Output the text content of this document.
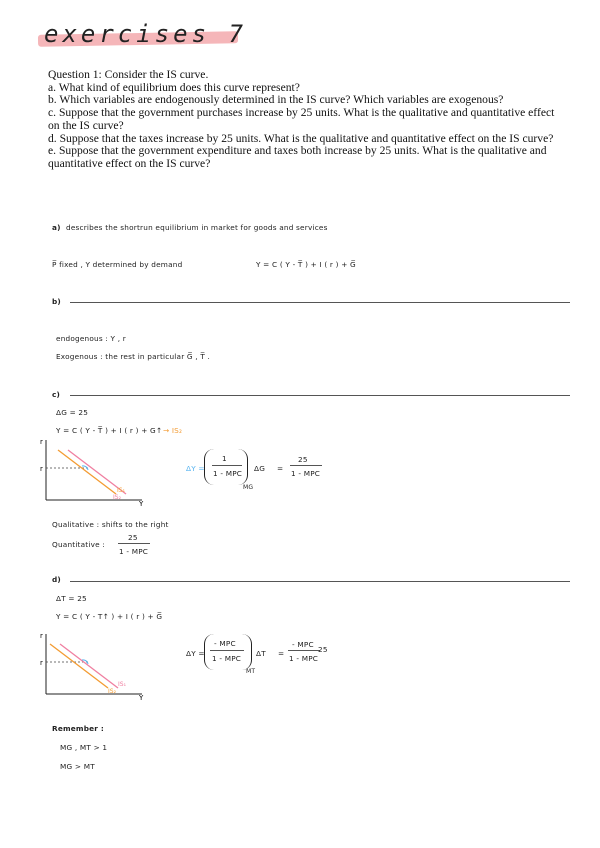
exercises 7

Question 1: Consider the IS curve.

a. What kind of equilibrium does this curve represent?

b. Which variables are endogenously determined in the IS curve? Which variables are exogenous?

c. Suppose that the government purchases increase by 25 units. What is the qualitative and quantitative effect on the IS curve?

d. Suppose that the taxes increase by 25 units. What is the qualitative and quantitative effect on the IS curve?

e. Suppose that the government expenditure and taxes both increase by 25 units. What is the qualitative and quantitative effect on the IS curve?

a) describes the shortrun equilibrium in market for goods and services
P̅ fixed , Y determined by demand	Y = C ( Y - T̅ ) + I ( r ) + G̅
b)
endogenous : Y , r
Exogenous : the rest in particular G̅ , T̅ .
c)
ΔG = 25
Y = C ( Y - T̅ ) + I ( r ) + G↑ → IS₂
r
Y
r
IS₁
IS₂
ΔY =
1
1 - MPC
ΔG
MG
=
25
1 - MPC
Qualitative : shifts to the right
Quantitative :
25
1 - MPC
d)
ΔT = 25
Y = C ( Y - T↑ ) + I ( r ) + G̅
r
Y
r
IS₁
IS₂
ΔY =
- MPC
1 - MPC
ΔT
MT
=
- MPC
1 - MPC
25
Remember :
MG , MT > 1
MG > MT
